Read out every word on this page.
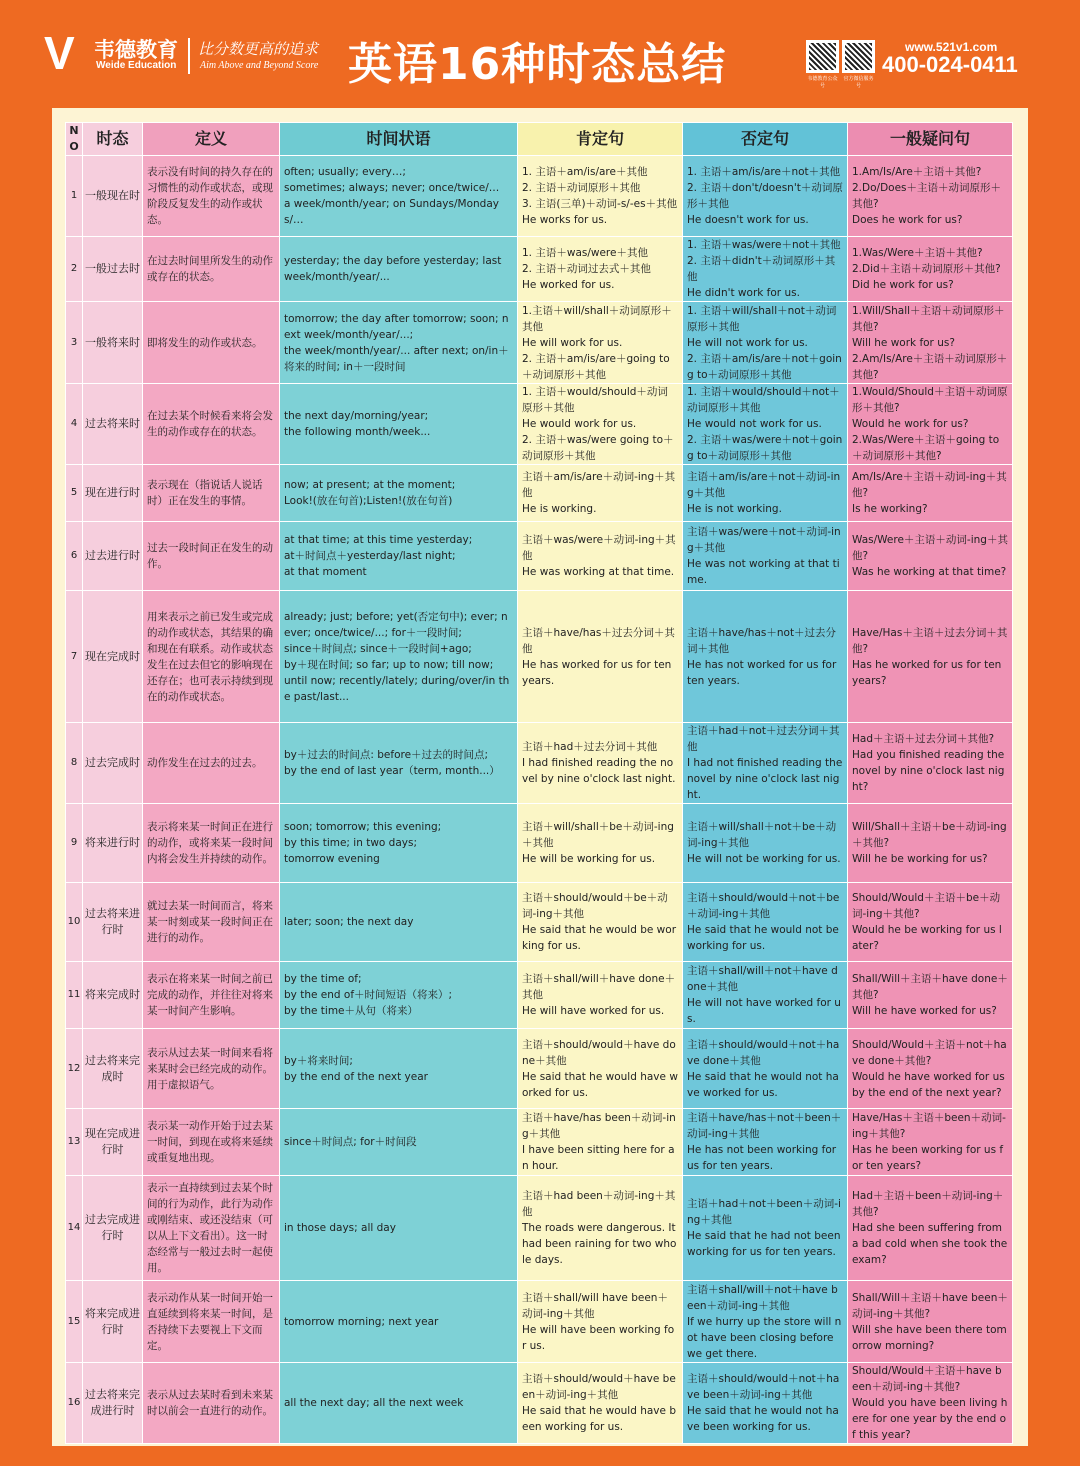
V 韦德教育
Weide Education
比分数更高的追求
Aim Above and Beyond Score 英语16种时态总结	韦德教育公众号
官方微信服务号
www.521v1.com
400-024-0411
NO	时态	定义	时间状语	肯定句	否定句	一般疑问句
1	一般现在时	表示没有时间的持久存在的习惯性的动作或状态，或现阶段反复发生的动作或状态。	often; usually; every…;
sometimes; always; never; once/twice/…
a week/month/year; on Sundays/Mondays/…	1. 主语＋am/is/are＋其他
2. 主语＋动词原形＋其他
3. 主语(三单)＋动词-s/-es＋其他
He works for us.	1. 主语＋am/is/are＋not＋其他
2. 主语＋don't/doesn't＋动词原形＋其他
He doesn't work for us.	1.Am/Is/Are＋主语＋其他?
2.Do/Does＋主语＋动词原形＋其他?
Does he work for us?
2	一般过去时	在过去时间里所发生的动作或存在的状态。	yesterday; the day before yesterday; last week/month/year/...	1. 主语＋was/were＋其他
2. 主语＋动词过去式＋其他
He worked for us.	1. 主语＋was/were＋not＋其他
2. 主语＋didn't＋动词原形＋其他
He didn't work for us.	1.Was/Were＋主语＋其他?
2.Did＋主语＋动词原形＋其他?
Did he work for us?
3	一般将来时	即将发生的动作或状态。	tomorrow; the day after tomorrow; soon; next week/month/year/...;
the week/month/year/... after next; on/in＋将来的时间; in＋一段时间	1.主语＋will/shall＋动词原形＋其他
He will work for us.
2. 主语＋am/is/are＋going to＋动词原形＋其他	1. 主语＋will/shall＋not＋动词原形＋其他
He will not work for us.
2. 主语＋am/is/are＋not＋going to＋动词原形＋其他	1.Will/Shall＋主语＋动词原形＋其他?
Will he work for us?
2.Am/Is/Are＋主语＋动词原形＋其他?
4	过去将来时	在过去某个时候看来将会发生的动作或存在的状态。	the next day/morning/year;
the following month/week...	1. 主语＋would/should＋动词原形＋其他
He would work for us.
2. 主语＋was/were going to＋动词原形＋其他	1. 主语＋would/should＋not＋动词原形＋其他
He would not work for us.
2. 主语＋was/were＋not＋going to＋动词原形＋其他	1.Would/Should＋主语＋动词原形＋其他?
Would he work for us?
2.Was/Were＋主语＋going to＋动词原形＋其他?
5	现在进行时	表示现在（指说话人说话时）正在发生的事情。	now; at present; at the moment;
Look!(放在句首);Listen!(放在句首)	主语＋am/is/are＋动词-ing＋其他
He is working.	主语＋am/is/are＋not＋动词-ing＋其他
He is not working.	Am/Is/Are＋主语＋动词-ing＋其他?
Is he working?
6	过去进行时	过去一段时间正在发生的动作。	at that time; at this time yesterday;
at＋时间点＋yesterday/last night;
at that moment	主语＋was/were＋动词-ing＋其他
He was working at that time.	主语＋was/were＋not＋动词-ing＋其他
He was not working at that time.	Was/Were＋主语＋动词-ing＋其他?
Was he working at that time?
7	现在完成时	用来表示之前已发生或完成的动作或状态，其结果的确和现在有联系。动作或状态发生在过去但它的影响现在还存在；也可表示持续到现在的动作或状态。	already; just; before; yet(否定句中); ever; never; once/twice/...; for＋一段时间;
since＋时间点; since＋一段时间+ago;
by＋现在时间; so far; up to now; till now;
until now; recently/lately; during/over/in the past/last...	主语＋have/has＋过去分词＋其他
He has worked for us for ten years.	主语＋have/has＋not＋过去分词＋其他
He has not worked for us for ten years.	Have/Has＋主语＋过去分词＋其他?
Has he worked for us for ten years?
8	过去完成时	动作发生在过去的过去。	by＋过去的时间点: before＋过去的时间点;
by the end of last year（term, month...）	主语＋had＋过去分词＋其他
I had finished reading the novel by nine o'clock last night.	主语＋had＋not＋过去分词＋其他
I had not finished reading the novel by nine o'clock last night.	Had＋主语＋过去分词＋其他?
Had you finished reading the novel by nine o'clock last night?
9	将来进行时	表示将来某一时间正在进行的动作，或将来某一段时间内将会发生并持续的动作。	soon; tomorrow; this evening;
by this time; in two days;
tomorrow evening	主语＋will/shall＋be＋动词-ing＋其他
He will be working for us.	主语＋will/shall＋not＋be＋动词-ing＋其他
He will not be working for us.	Will/Shall＋主语＋be＋动词-ing＋其他?
Will he be working for us?
10	过去将来进行时	就过去某一时间而言，将来某一时刻或某一段时间正在进行的动作。	later; soon; the next day	主语＋should/would＋be＋动词-ing＋其他
He said that he would be working for us.	主语＋should/would＋not＋be＋动词-ing＋其他
He said that he would not be working for us.	Should/Would＋主语＋be＋动词-ing＋其他?
Would he be working for us later?
11	将来完成时	表示在将来某一时间之前已完成的动作，并往往对将来某一时间产生影响。	by the time of;
by the end of＋时间短语（将来）;
by the time＋从句（将来）	主语＋shall/will＋have done＋其他
He will have worked for us.	主语＋shall/will＋not＋have done＋其他
He will not have worked for us.	Shall/Will＋主语＋have done＋其他?
Will he have worked for us?
12	过去将来完成时	表示从过去某一时间来看将来某时会已经完成的动作。用于虚拟语气。	by＋将来时间;
by the end of the next year	主语＋should/would＋have done＋其他
He said that he would have worked for us.	主语＋should/would＋not＋have done＋其他
He said that he would not have worked for us.	Should/Would＋主语＋not＋have done＋其他?
Would he have worked for us by the end of the next year?
13	现在完成进行时	表示某一动作开始于过去某一时间，到现在或将来延续或重复地出现。	since＋时间点; for＋时间段	主语＋have/has been＋动词-ing＋其他
I have been sitting here for an hour.	主语＋have/has＋not＋been＋动词-ing＋其他
He has not been working for us for ten years.	Have/Has＋主语＋been＋动词-ing＋其他?
Has he been working for us for ten years?
14	过去完成进行时	表示一直持续到过去某个时间的行为动作，此行为动作或刚结束、或还没结束（可以从上下文看出）。这一时态经常与一般过去时一起使用。	in those days; all day	主语＋had been＋动词-ing＋其他
The roads were dangerous. It had been raining for two whole days.	主语＋had＋not＋been＋动词-ing＋其他
He said that he had not been working for us for ten years.	Had＋主语＋been＋动词-ing＋其他?
Had she been suffering from a bad cold when she took the exam?
15	将来完成进行时	表示动作从某一时间开始一直延续到将来某一时间，是否持续下去要视上下文而定。	tomorrow morning; next year	主语＋shall/will have been＋动词-ing＋其他
He will have been working for us.	主语＋shall/will＋not＋have been＋动词-ing＋其他
If we hurry up the store will not have been closing before we get there.	Shall/Will＋主语＋have been＋动词-ing＋其他?
Will she have been there tomorrow morning?
16	过去将来完成进行时	表示从过去某时看到未来某时以前会一直进行的动作。	all the next day; all the next week	主语＋should/would＋have been＋动词-ing＋其他
He said that he would have been working for us.	主语＋should/would＋not＋have been＋动词-ing＋其他
He said that he would not have been working for us.	Should/Would＋主语＋have been＋动词-ing＋其他?
Would you have been living here for one year by the end of this year?
